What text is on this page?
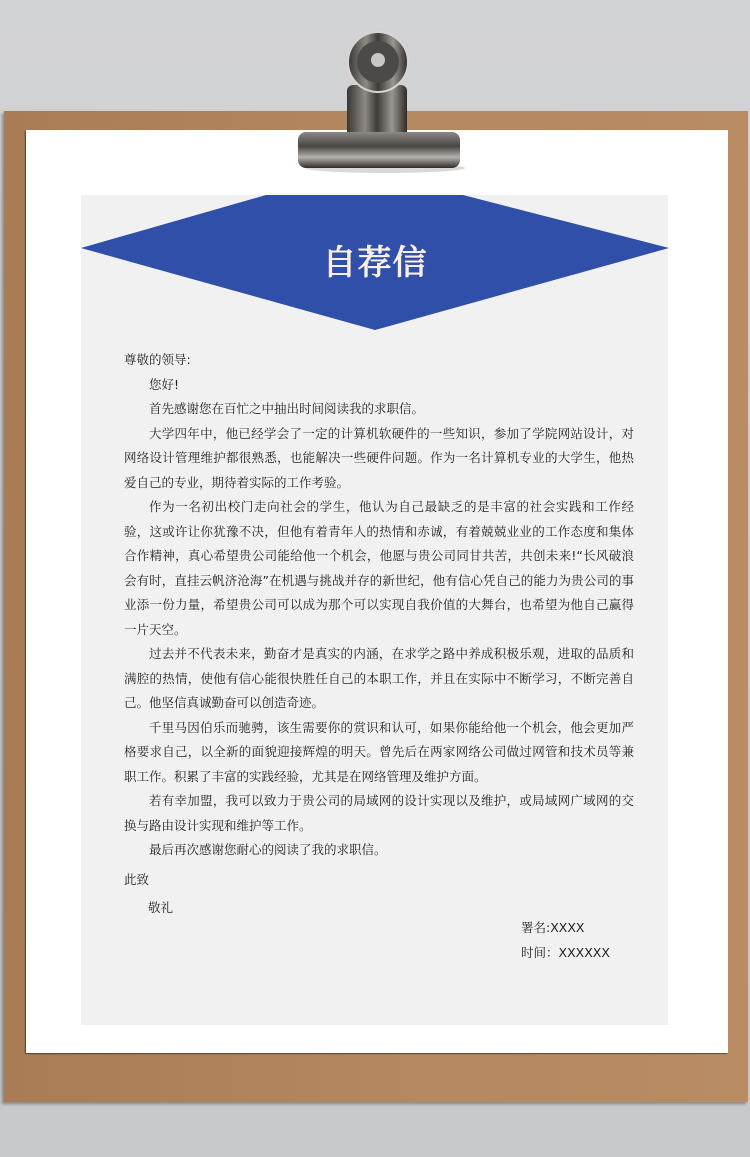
自荐信

尊敬的领导:

您好!

首先感谢您在百忙之中抽出时间阅读我的求职信。

大学四年中，他已经学会了一定的计算机软硬件的一些知识，参加了学院网站设计，对网络设计管理维护都很熟悉，也能解决一些硬件问题。作为一名计算机专业的大学生，他热爱自己的专业，期待着实际的工作考验。

作为一名初出校门走向社会的学生，他认为自己最缺乏的是丰富的社会实践和工作经验，这或许让你犹豫不决，但他有着青年人的热情和赤诚，有着兢兢业业的工作态度和集体合作精神，真心希望贵公司能给他一个机会，他愿与贵公司同甘共苦，共创未来!“长风破浪会有时，直挂云帆济沧海”在机遇与挑战并存的新世纪，他有信心凭自己的能力为贵公司的事业添一份力量，希望贵公司可以成为那个可以实现自我价值的大舞台，也希望为他自己赢得一片天空。

过去并不代表未来，勤奋才是真实的内涵，在求学之路中养成积极乐观，进取的品质和满腔的热情，使他有信心能很快胜任自己的本职工作，并且在实际中不断学习，不断完善自己。他坚信真诚勤奋可以创造奇迹。

千里马因伯乐而驰骋，该生需要你的赏识和认可，如果你能给他一个机会，他会更加严格要求自己，以全新的面貌迎接辉煌的明天。曾先后在两家网络公司做过网管和技术员等兼职工作。积累了丰富的实践经验，尤其是在网络管理及维护方面。

若有幸加盟，我可以致力于贵公司的局域网的设计实现以及维护，或局域网广域网的交换与路由设计实现和维护等工作。

最后再次感谢您耐心的阅读了我的求职信。

此致
敬礼
署名:XXXX
时间：XXXXXX
